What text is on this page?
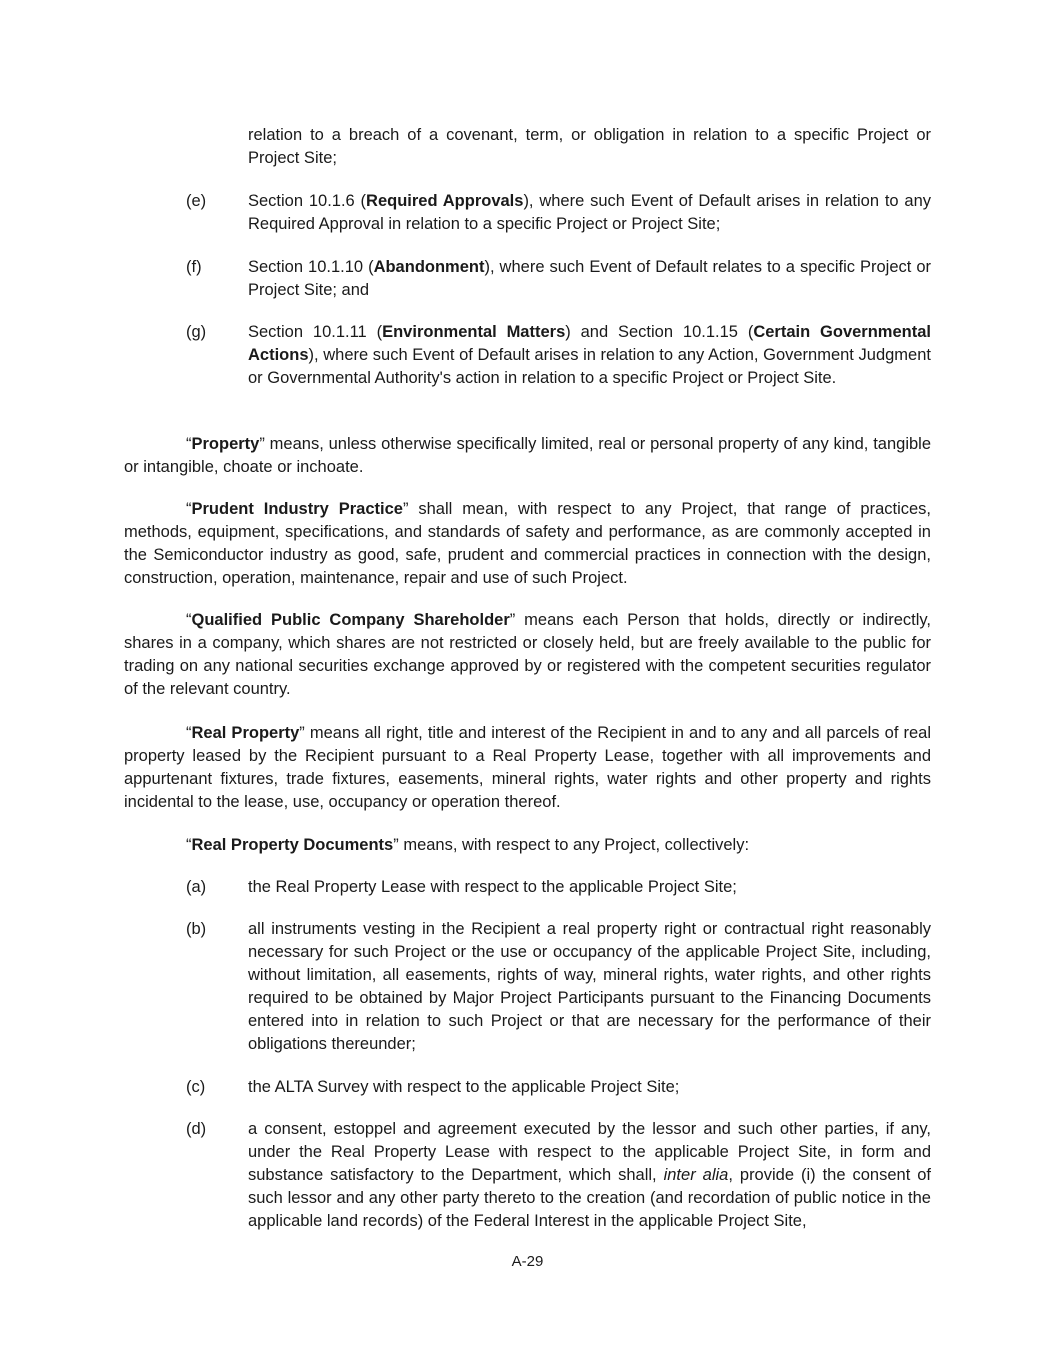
relation to a breach of a covenant, term, or obligation in relation to a specific Project or Project Site;
(e)	Section 10.1.6 (Required Approvals), where such Event of Default arises in relation to any Required Approval in relation to a specific Project or Project Site;
(f)	Section 10.1.10 (Abandonment), where such Event of Default relates to a specific Project or Project Site; and
(g)	Section 10.1.11 (Environmental Matters) and Section 10.1.15 (Certain Governmental Actions), where such Event of Default arises in relation to any Action, Government Judgment or Governmental Authority's action in relation to a specific Project or Project Site.
“Property” means, unless otherwise specifically limited, real or personal property of any kind, tangible or intangible, choate or inchoate.
“Prudent Industry Practice” shall mean, with respect to any Project, that range of practices, methods, equipment, specifications, and standards of safety and performance, as are commonly accepted in the Semiconductor industry as good, safe, prudent and commercial practices in connection with the design, construction, operation, maintenance, repair and use of such Project.
“Qualified Public Company Shareholder” means each Person that holds, directly or indirectly, shares in a company, which shares are not restricted or closely held, but are freely available to the public for trading on any national securities exchange approved by or registered with the competent securities regulator of the relevant country.
“Real Property” means all right, title and interest of the Recipient in and to any and all parcels of real property leased by the Recipient pursuant to a Real Property Lease, together with all improvements and appurtenant fixtures, trade fixtures, easements, mineral rights, water rights and other property and rights incidental to the lease, use, occupancy or operation thereof.
“Real Property Documents” means, with respect to any Project, collectively:
(a)	the Real Property Lease with respect to the applicable Project Site;
(b)	all instruments vesting in the Recipient a real property right or contractual right reasonably necessary for such Project or the use or occupancy of the applicable Project Site, including, without limitation, all easements, rights of way, mineral rights, water rights, and other rights required to be obtained by Major Project Participants pursuant to the Financing Documents entered into in relation to such Project or that are necessary for the performance of their obligations thereunder;
(c)	the ALTA Survey with respect to the applicable Project Site;
(d)	a consent, estoppel and agreement executed by the lessor and such other parties, if any, under the Real Property Lease with respect to the applicable Project Site, in form and substance satisfactory to the Department, which shall, inter alia, provide (i) the consent of such lessor and any other party thereto to the creation (and recordation of public notice in the applicable land records) of the Federal Interest in the applicable Project Site,
A-29
